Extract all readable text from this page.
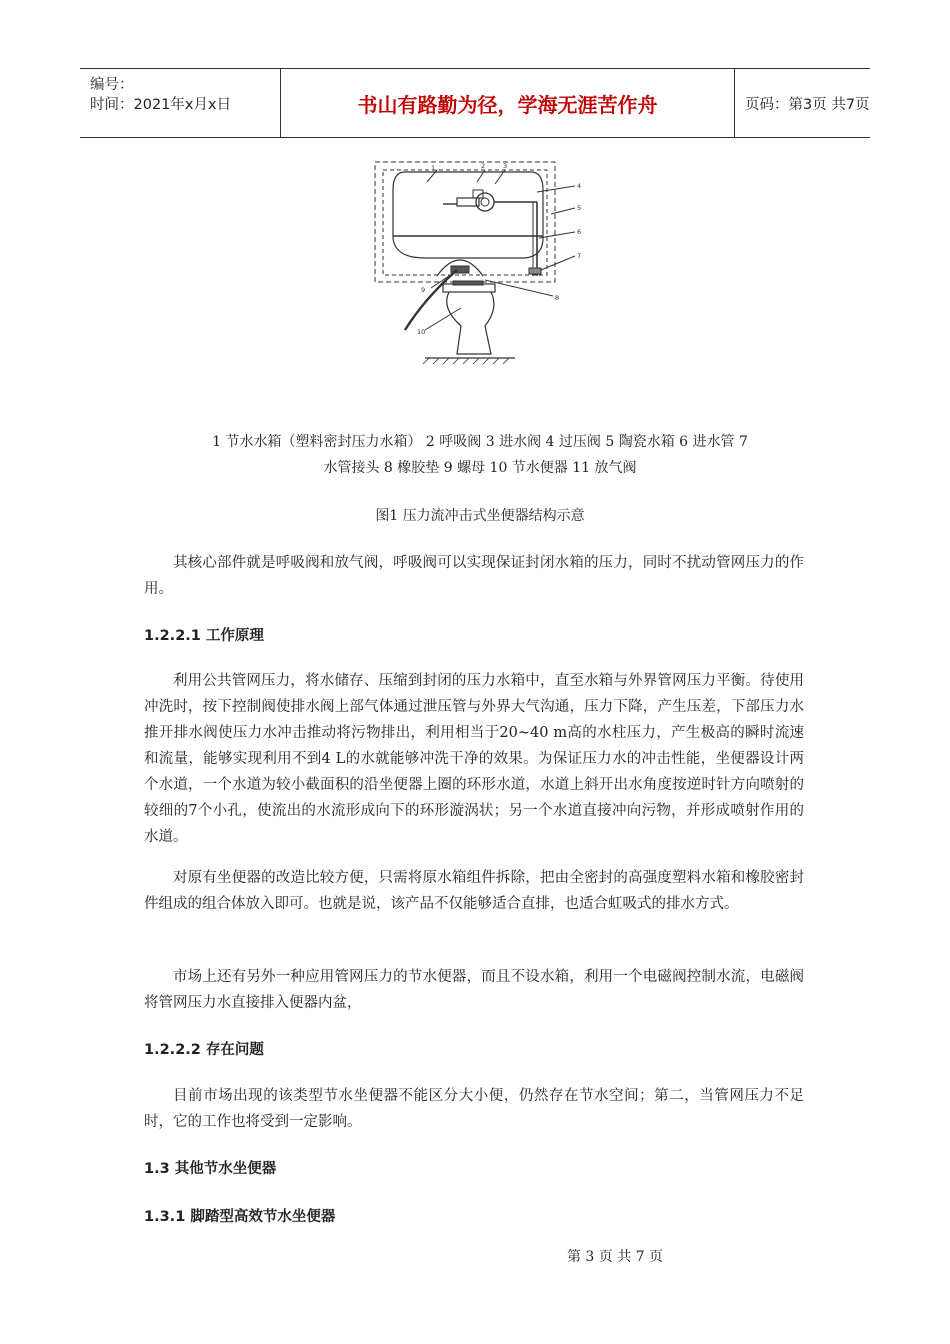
编号：
时间：2021年x月x日	书山有路勤为径，学海无涯苦作舟	页码：第3页 共7页
1	2	3
4
5
6
7
8
9
10
1 节水水箱（塑料密封压力水箱） 2 呼吸阀 3 进水阀 4 过压阀 5 陶瓷水箱 6 进水管 7
水管接头 8 橡胶垫 9 螺母 10 节水便器 11 放气阀
图1 压力流冲击式坐便器结构示意

其核心部件就是呼吸阀和放气阀，呼吸阀可以实现保证封闭水箱的压力，同时不扰动管网压力的作用。

1.2.2.1 工作原理

利用公共管网压力，将水储存、压缩到封闭的压力水箱中，直至水箱与外界管网压力平衡。待使用冲洗时，按下控制阀使排水阀上部气体通过泄压管与外界大气沟通，压力下降，产生压差，下部压力水推开排水阀使压力水冲击推动将污物排出，利用相当于20~40 m高的水柱压力，产生极高的瞬时流速和流量，能够实现利用不到4 L的水就能够冲洗干净的效果。为保证压力水的冲击性能，坐便器设计两个水道，一个水道为较小截面积的沿坐便器上圈的环形水道，水道上斜开出水角度按逆时针方向喷射的较细的7个小孔，使流出的水流形成向下的环形漩涡状；另一个水道直接冲向污物，并形成喷射作用的水道。

对原有坐便器的改造比较方便，只需将原水箱组件拆除，把由全密封的高强度塑料水箱和橡胶密封件组成的组合体放入即可。也就是说，该产品不仅能够适合直排，也适合虹吸式的排水方式。

市场上还有另外一种应用管网压力的节水便器，而且不设水箱，利用一个电磁阀控制水流，电磁阀将管网压力水直接排入便器内盆，

1.2.2.2 存在问题

目前市场出现的该类型节水坐便器不能区分大小便，仍然存在节水空间；第二，当管网压力不足时，它的工作也将受到一定影响。

1.3 其他节水坐便器
1.3.1 脚踏型高效节水坐便器
第 3 页 共 7 页
